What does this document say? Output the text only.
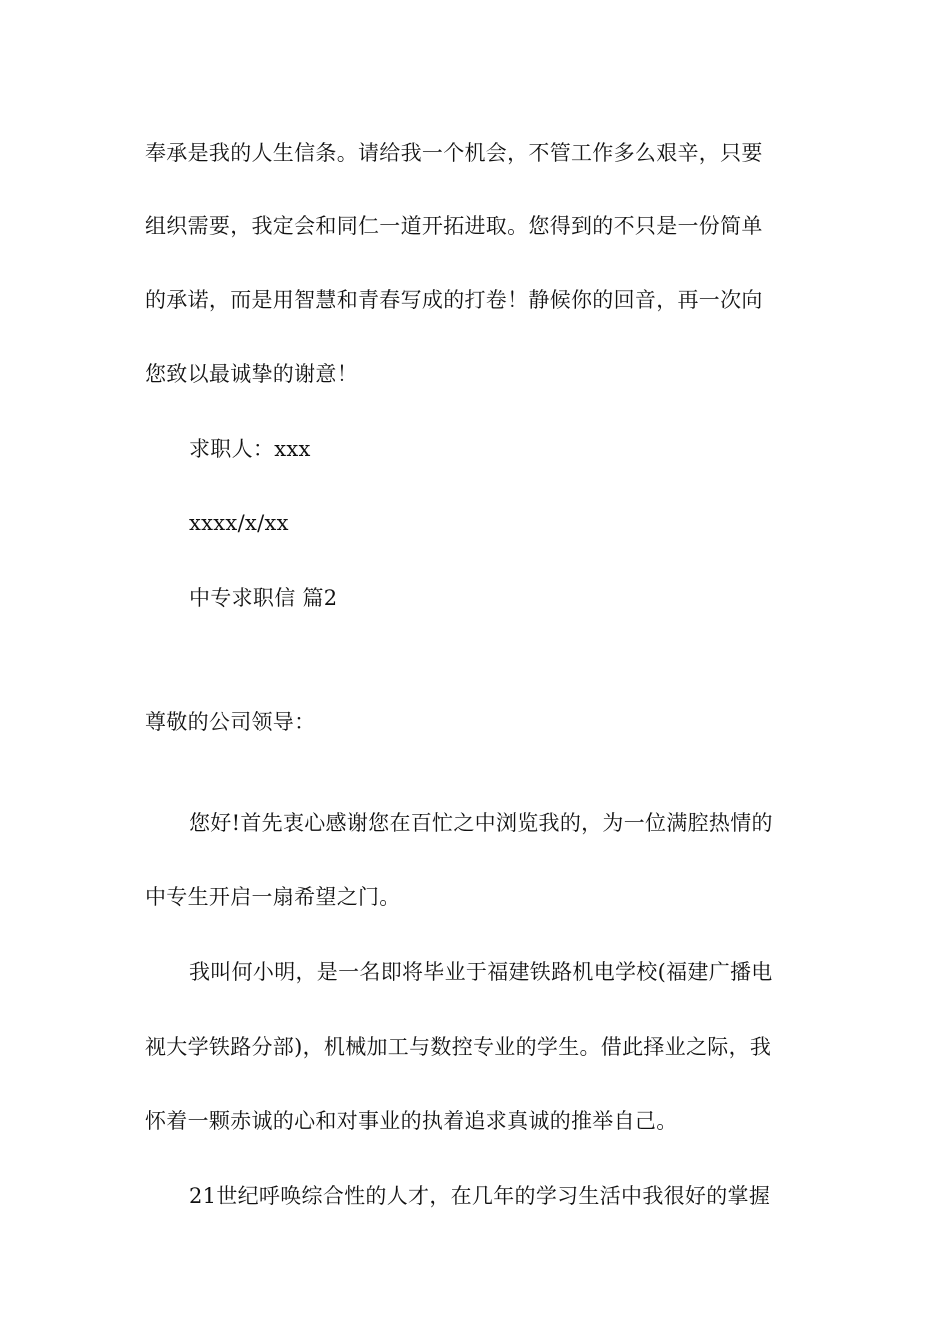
奉承是我的人生信条。请给我一个机会，不管工作多么艰辛，只要
组织需要，我定会和同仁一道开拓进取。您得到的不只是一份简单
的承诺，而是用智慧和青春写成的打卷！静候你的回音，再一次向
您致以最诚挚的谢意！
求职人：xxx
xxxx/x/xx
中专求职信 篇2
尊敬的公司领导：
您好!首先衷心感谢您在百忙之中浏览我的，为一位满腔热情的
中专生开启一扇希望之门。
我叫何小明，是一名即将毕业于福建铁路机电学校(福建广播电
视大学铁路分部)，机械加工与数控专业的学生。借此择业之际，我
怀着一颗赤诚的心和对事业的执着追求真诚的推举自己。
21世纪呼唤综合性的人才，在几年的学习生活中我很好的掌握
